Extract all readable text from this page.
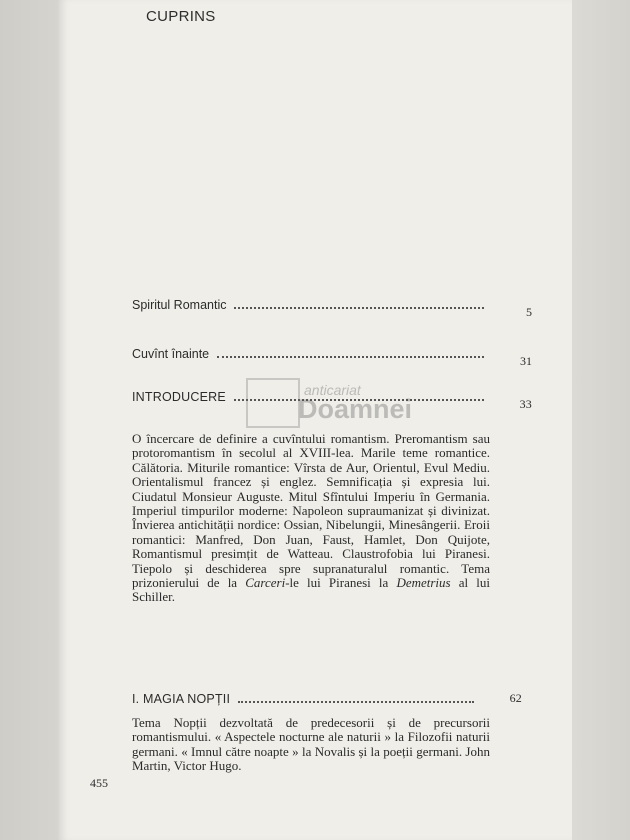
CUPRINS
Spiritul Romantic	5
Cuvînt înainte	31
INTRODUCERE	33
anticariat
Doamnei

O încercare de definire a cuvîntului romantism. Preromantism sau protoromantism în secolul al XVIII-lea. Marile teme romantice. Călătoria. Miturile romantice: Vîrsta de Aur, Orientul, Evul Mediu. Orientalismul francez și englez. Semnificația și expresia lui. Ciudatul Monsieur Auguste. Mitul Sfîntului Imperiu în Germania. Imperiul timpurilor moderne: Napoleon supraumanizat și divinizat. Învierea antichității nordice: Ossian, Nibelungii, Minesângerii. Eroii romantici: Manfred, Don Juan, Faust, Hamlet, Don Quijote, Romantismul presimțit de Watteau. Claustrofobia lui Piranesi. Tiepolo și deschiderea spre supranaturalul romantic. Tema prizonierului de la Carceri-le lui Piranesi la Demetrius al lui Schiller.

I. MAGIA NOPȚII	62

Tema Nopții dezvoltată de predecesorii și de precursorii romantismului. « Aspectele nocturne ale naturii » la Filozofii naturii germani. « Imnul către noapte » la Novalis și la poeții germani. John Martin, Victor Hugo.

455
